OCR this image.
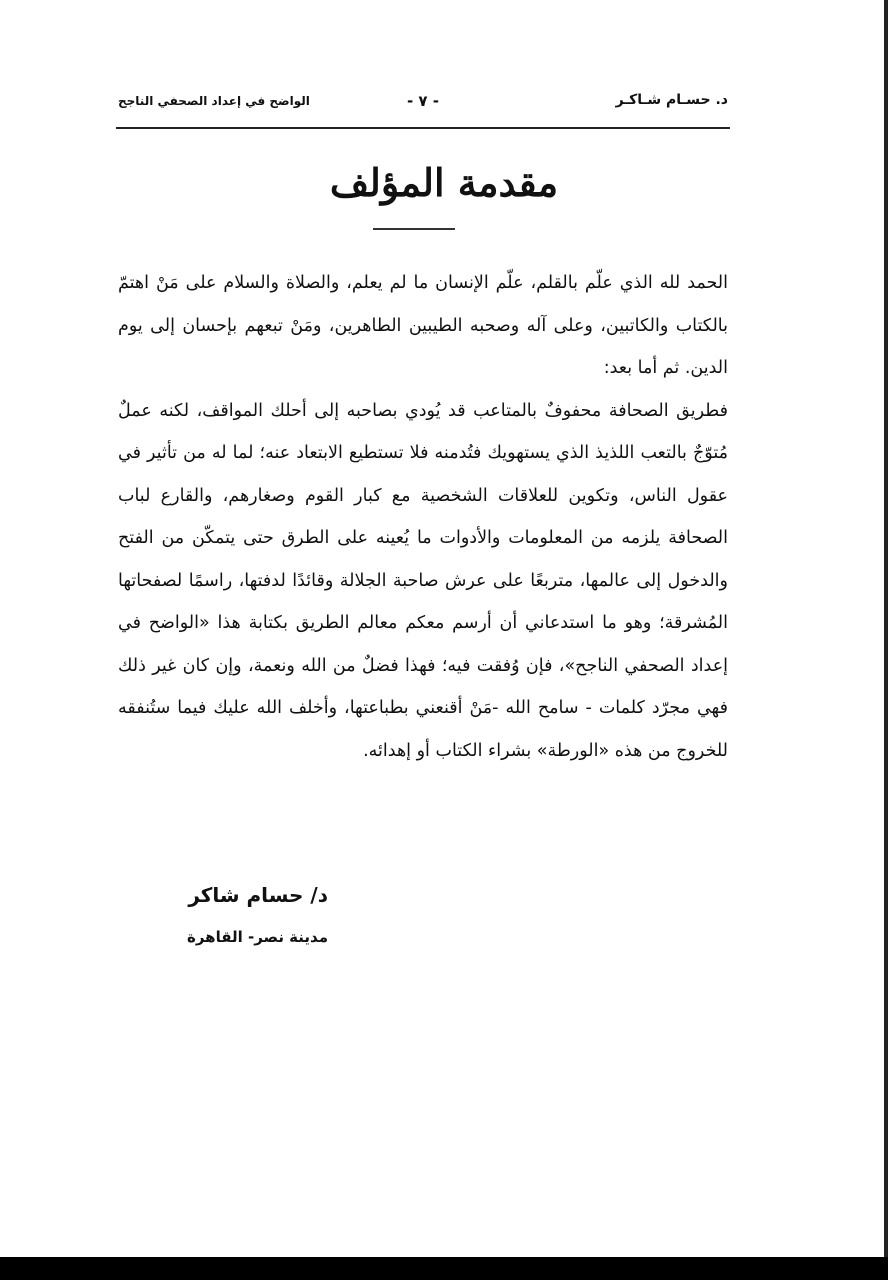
د. حسـام شـاكـر
- ٧ -
الواضح في إعداد الصحفي الناجح
مقدمة المؤلف

الحمد لله الذي علّم بالقلم، علّم الإنسان ما لم يعلم، والصلاة والسلام على مَنْ اهتمّ بالكتاب والكاتبين، وعلى آله وصحبه الطيبين الطاهرين، ومَنْ تبعهم بإحسان إلى يوم الدين. ثم أما بعد:

فطريق الصحافة محفوفٌ بالمتاعب قد يُودي بصاحبه إلى أحلك المواقف، لكنه عملٌ مُتوّجٌ بالتعب اللذيذ الذي يستهويك فتُدمنه فلا تستطيع الابتعاد عنه؛ لما له من تأثير في عقول الناس، وتكوين للعلاقات الشخصية مع كبار القوم وصغارهم، والقارع لباب الصحافة يلزمه من المعلومات والأدوات ما يُعينه على الطرق حتى يتمكّن من الفتح والدخول إلى عالمها، متربعًا على عرش صاحبة الجلالة وقائدًا لدفتها، راسمًا لصفحاتها المُشرقة؛ وهو ما استدعاني أن أرسم معكم معالم الطريق بكتابة هذا «الواضح في إعداد الصحفي الناجح»، فإن وُفقت فيه؛ فهذا فضلٌ من الله ونعمة، وإن كان غير ذلك فهي مجرّد كلمات - سامح الله -مَنْ أقنعني بطباعتها، وأخلف الله عليك فيما ستُنفقه للخروج من هذه «الورطة» بشراء الكتاب أو إهدائه.

د/ حسام شاكر
مدينة نصر- القاهرة
